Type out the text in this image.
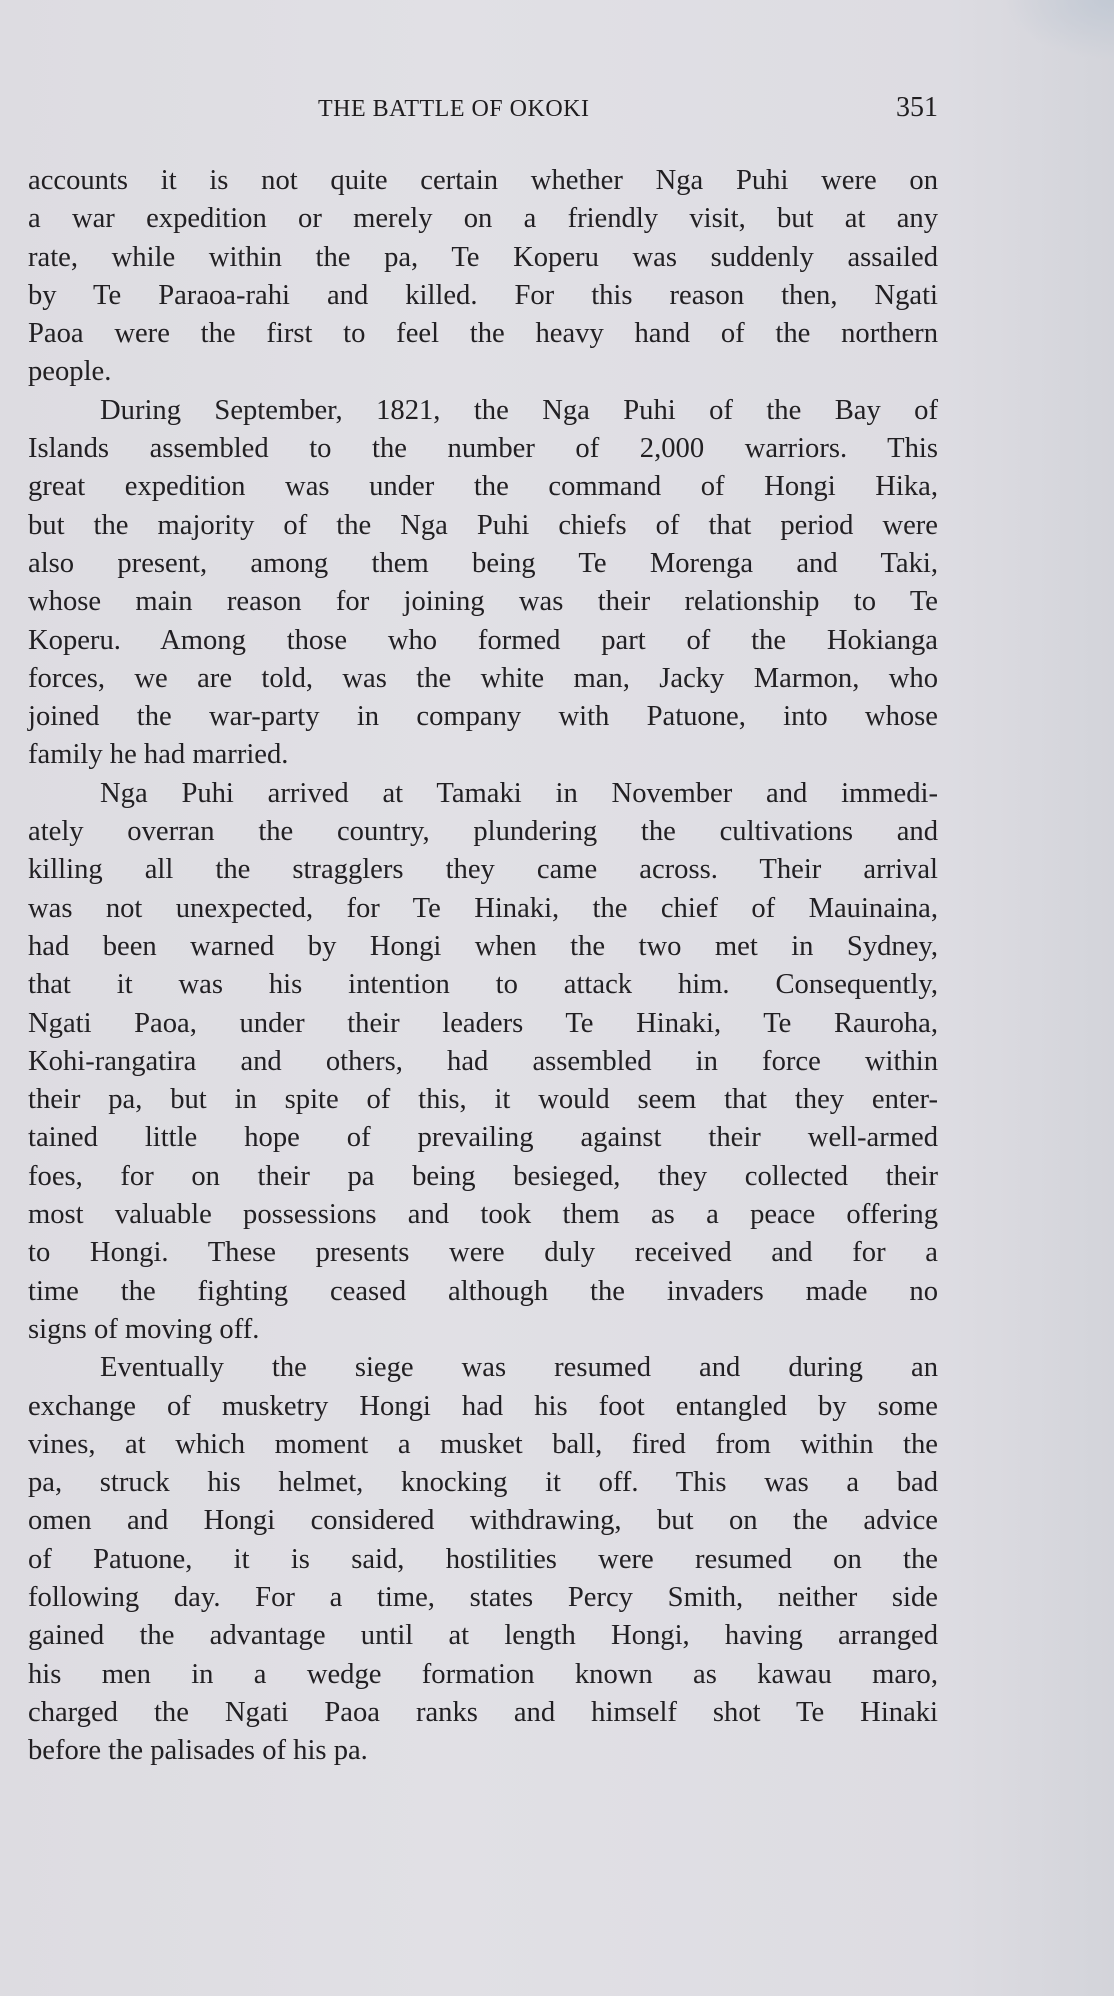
THE BATTLE OF OKOKI	351
accounts it is not quite certain whether Nga Puhi were on
a war expedition or merely on a friendly visit, but at any
rate, while within the pa, Te Koperu was suddenly assailed
by Te Paraoa-rahi and killed. For this reason then, Ngati
Paoa were the first to feel the heavy hand of the northern
people.
During September, 1821, the Nga Puhi of the Bay of
Islands assembled to the number of 2,000 warriors. This
great expedition was under the command of Hongi Hika,
but the majority of the Nga Puhi chiefs of that period were
also present, among them being Te Morenga and Taki,
whose main reason for joining was their relationship to Te
Koperu. Among those who formed part of the Hokianga
forces, we are told, was the white man, Jacky Marmon, who
joined the war-party in company with Patuone, into whose
family he had married.
Nga Puhi arrived at Tamaki in November and immedi-
ately overran the country, plundering the cultivations and
killing all the stragglers they came across. Their arrival
was not unexpected, for Te Hinaki, the chief of Mauinaina,
had been warned by Hongi when the two met in Sydney,
that it was his intention to attack him. Consequently,
Ngati Paoa, under their leaders Te Hinaki, Te Rauroha,
Kohi-rangatira and others, had assembled in force within
their pa, but in spite of this, it would seem that they enter-
tained little hope of prevailing against their well-armed
foes, for on their pa being besieged, they collected their
most valuable possessions and took them as a peace offering
to Hongi. These presents were duly received and for a
time the fighting ceased although the invaders made no
signs of moving off.
Eventually the siege was resumed and during an
exchange of musketry Hongi had his foot entangled by some
vines, at which moment a musket ball, fired from within the
pa, struck his helmet, knocking it off. This was a bad
omen and Hongi considered withdrawing, but on the advice
of Patuone, it is said, hostilities were resumed on the
following day. For a time, states Percy Smith, neither side
gained the advantage until at length Hongi, having arranged
his men in a wedge formation known as kawau maro,
charged the Ngati Paoa ranks and himself shot Te Hinaki
before the palisades of his pa.
